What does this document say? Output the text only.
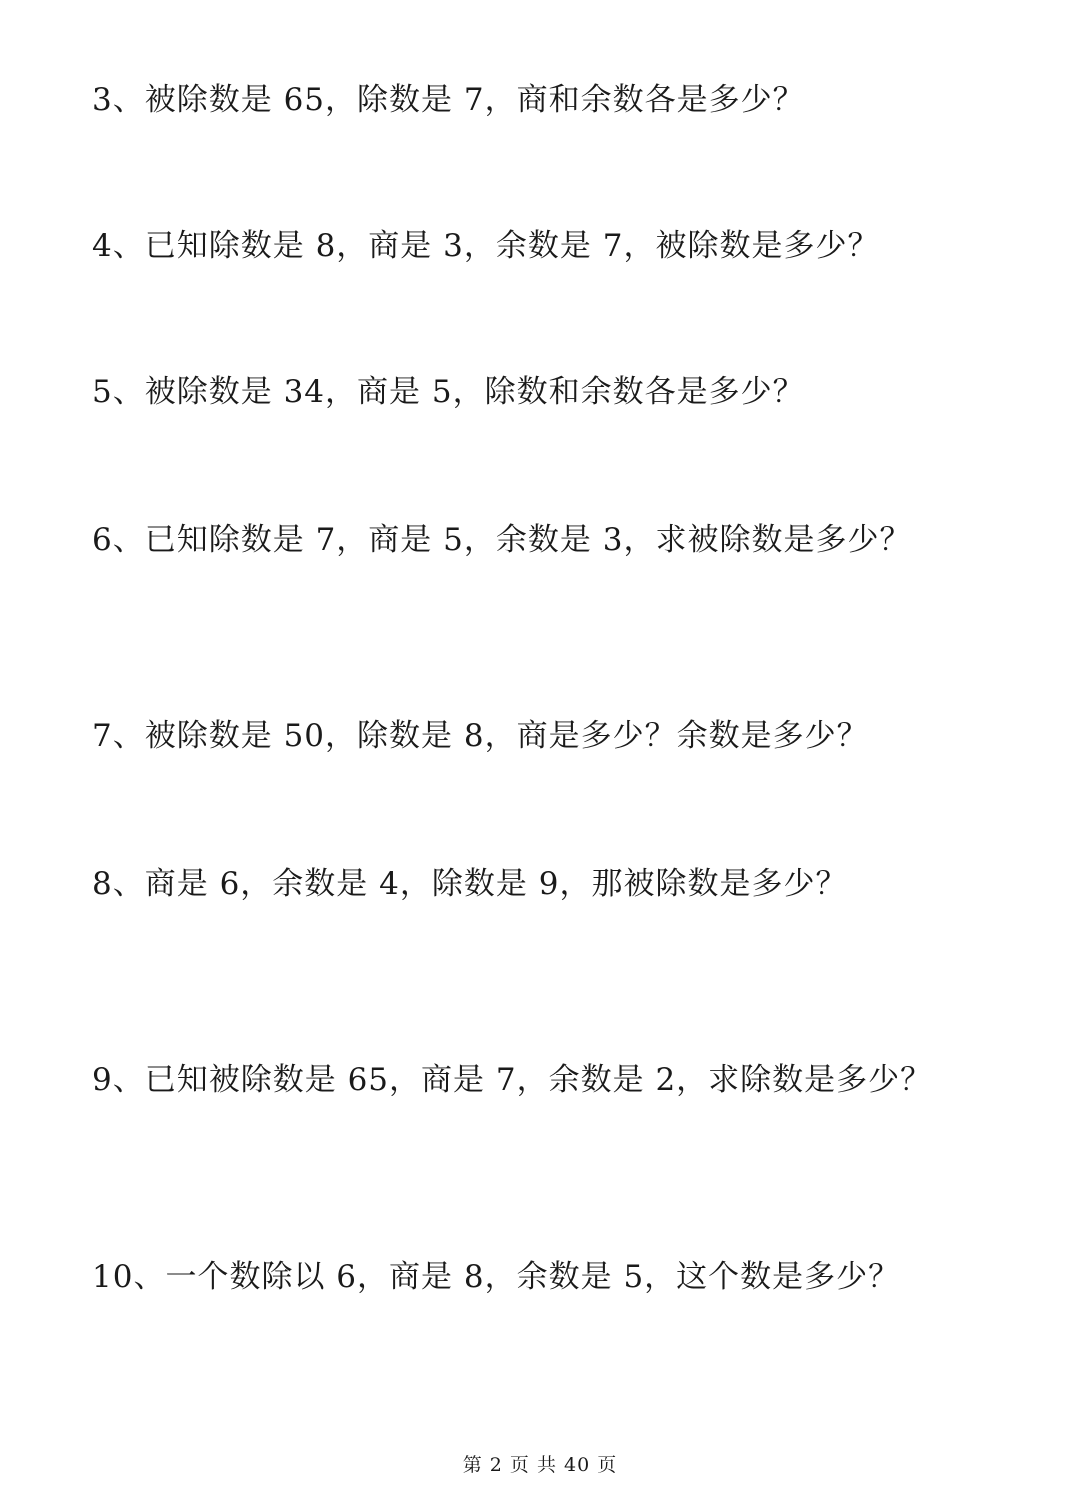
3、被除数是 65，除数是 7，商和余数各是多少？
4、已知除数是 8，商是 3，余数是 7，被除数是多少？
5、被除数是 34，商是 5，除数和余数各是多少？
6、已知除数是 7，商是 5，余数是 3，求被除数是多少？
7、被除数是 50，除数是 8，商是多少？余数是多少？
8、商是 6，余数是 4，除数是 9，那被除数是多少？
9、已知被除数是 65，商是 7，余数是 2，求除数是多少？
10、一个数除以 6，商是 8，余数是 5，这个数是多少？
第 2 页 共 40 页
